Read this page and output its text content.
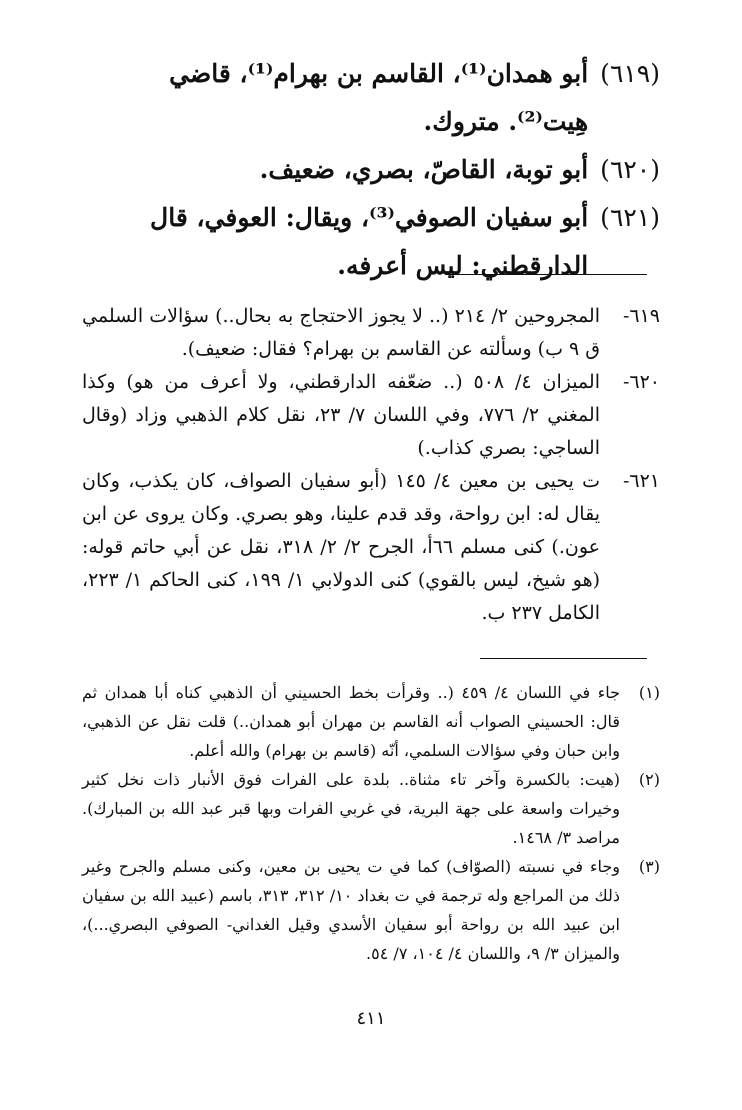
(٦١٩)
أبو همدان⁽¹⁾، القاسم بن بهرام⁽¹⁾، قاضي هِيت⁽²⁾. متروك.
(٦٢٠)
أبو توبة، القاصّ، بصري، ضعيف.
(٦٢١)
أبو سفيان الصوفي⁽³⁾، ويقال: العوفي، قال الدارقطني: ليس أعرفه.
٦١٩-
المجروحين ٢/ ٢١٤ (.. لا يجوز الاحتجاج به بحال..) سؤالات السلمي ق ٩ ب) وسألته عن القاسم بن بهرام؟ فقال: ضعيف).
٦٢٠-
الميزان ٤/ ٥٠٨ (.. ضعّفه الدارقطني، ولا أعرف من هو) وكذا المغني ٢/ ٧٧٦، وفي اللسان ٧/ ٢٣، نقل كلام الذهبي وزاد (وقال الساجي: بصري كذاب.)
٦٢١-
ت يحيى بن معين ٤/ ١٤٥ (أبو سفيان الصواف، كان يكذب، وكان يقال له: ابن رواحة، وقد قدم علينا، وهو بصري. وكان يروى عن ابن عون.) كنى مسلم ٦٦أ، الجرح ٢/ ٢/ ٣١٨، نقل عن أبي حاتم قوله: (هو شيخ، ليس بالقوي) كنى الدولابي ١/ ١٩٩، كنى الحاكم ١/ ٢٢٣، الكامل ٢٣٧ ب.
(١)
جاء في اللسان ٤/ ٤٥٩ (.. وقرأت بخط الحسيني أن الذهبي كناه أبا همدان ثم قال: الحسيني الصواب أنه القاسم بن مهران أبو همدان..) قلت نقل عن الذهبي، وابن حبان وفي سؤالات السلمي، أنّه (قاسم بن بهرام) والله أعلم.
(٢)
(هيت: بالكسرة وآخر تاء مثناة.. بلدة على الفرات فوق الأنبار ذات نخل كثير وخيرات واسعة على جهة البرية، في غربي الفرات وبها قبر عبد الله بن المبارك). مراصد ٣/ ١٤٦٨.
(٣)
وجاء في نسبته (الصوّاف) كما في ت يحيى بن معين، وكنى مسلم والجرح وغير ذلك من المراجع وله ترجمة في ت بغداد ١٠/ ٣١٢، ٣١٣، باسم (عبيد الله بن سفيان ابن عبيد الله بن رواحة أبو سفيان الأسدي وقيل الغداني- الصوفي البصري...)، والميزان ٣/ ٩، واللسان ٤/ ١٠٤، ٧/ ٥٤.
٤١١
